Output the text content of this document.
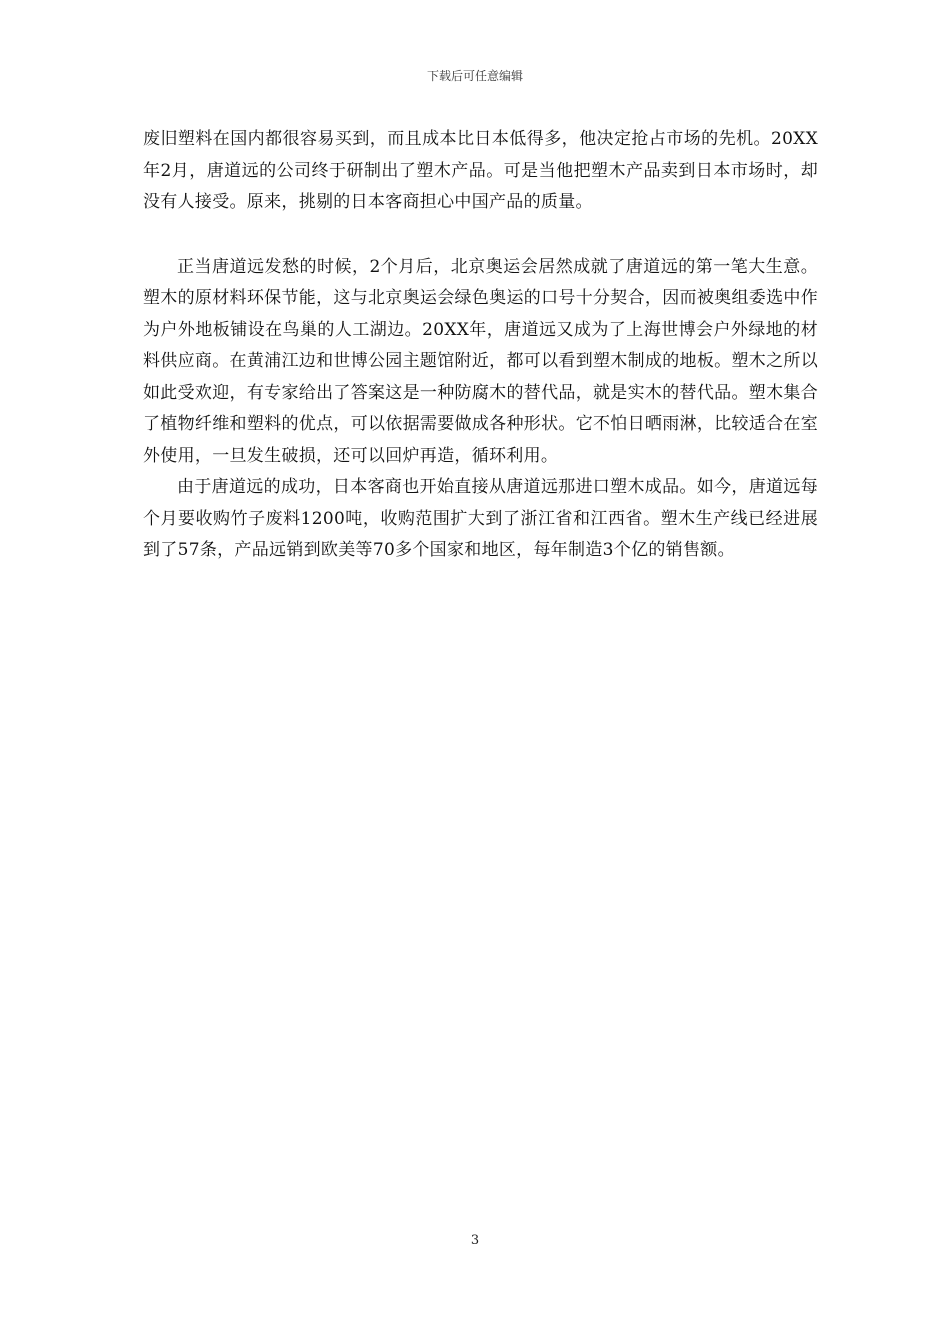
下载后可任意编辑

废旧塑料在国内都很容易买到，而且成本比日本低得多，他决定抢占市场的先机。20XX年2月，唐道远的公司终于研制出了塑木产品。可是当他把塑木产品卖到日本市场时，却没有人接受。原来，挑剔的日本客商担心中国产品的质量。

正当唐道远发愁的时候，2个月后，北京奥运会居然成就了唐道远的第一笔大生意。塑木的原材料环保节能，这与北京奥运会绿色奥运的口号十分契合，因而被奥组委选中作为户外地板铺设在鸟巢的人工湖边。20XX年，唐道远又成为了上海世博会户外绿地的材料供应商。在黄浦江边和世博公园主题馆附近，都可以看到塑木制成的地板。塑木之所以如此受欢迎，有专家给出了答案这是一种防腐木的替代品，就是实木的替代品。塑木集合了植物纤维和塑料的优点，可以依据需要做成各种形状。它不怕日晒雨淋，比较适合在室外使用，一旦发生破损，还可以回炉再造，循环利用。

由于唐道远的成功，日本客商也开始直接从唐道远那进口塑木成品。如今，唐道远每个月要收购竹子废料1200吨，收购范围扩大到了浙江省和江西省。塑木生产线已经进展到了57条，产品远销到欧美等70多个国家和地区，每年制造3个亿的销售额。

3
